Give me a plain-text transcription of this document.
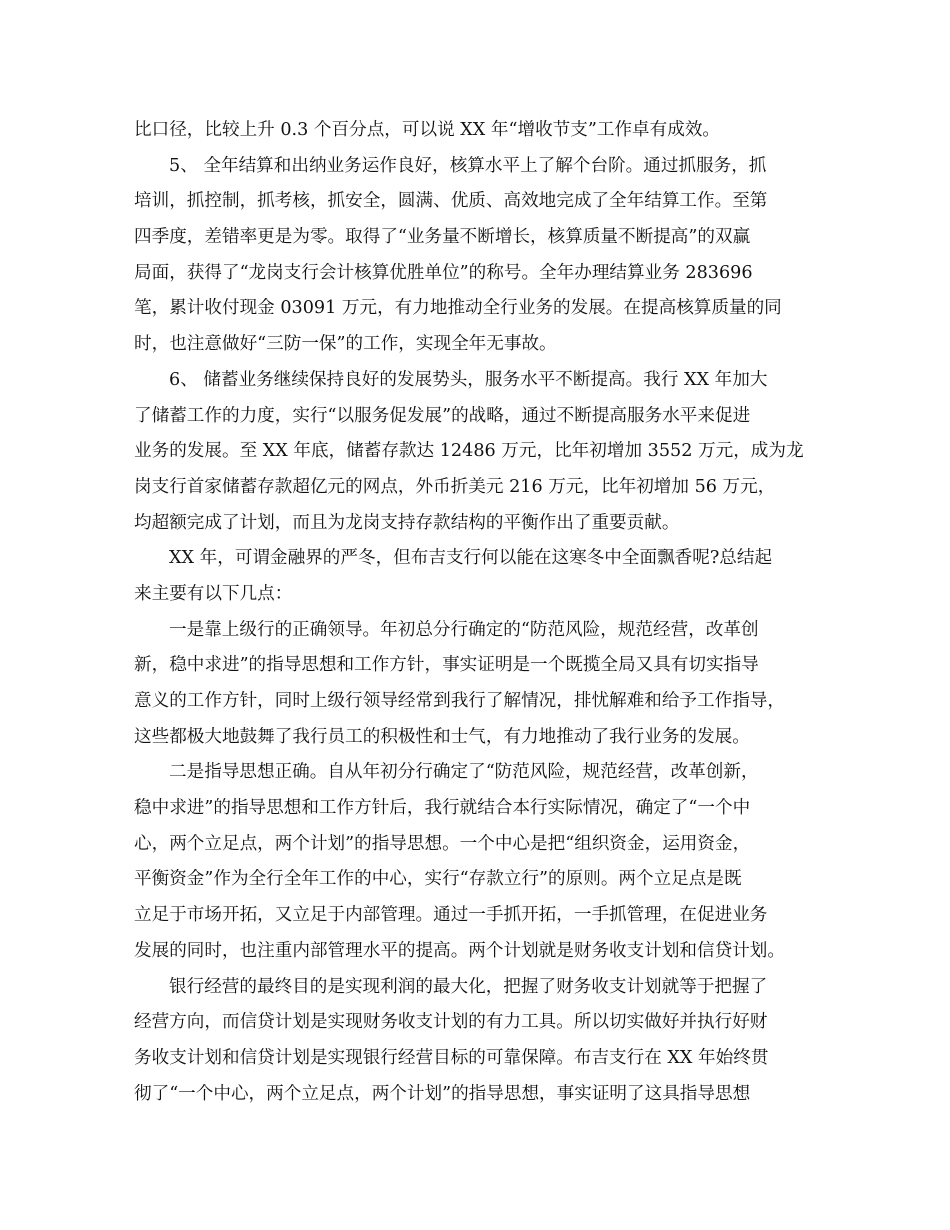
比口径，比较上升 0.3 个百分点，可以说 XX 年“增收节支”工作卓有成效。
5、 全年结算和出纳业务运作良好，核算水平上了解个台阶。通过抓服务，抓
培训，抓控制，抓考核，抓安全，圆满、优质、高效地完成了全年结算工作。至第
四季度，差错率更是为零。取得了“业务量不断增长，核算质量不断提高”的双赢
局面，获得了“龙岗支行会计核算优胜单位”的称号。全年办理结算业务 283696
笔，累计收付现金 03091 万元，有力地推动全行业务的发展。在提高核算质量的同
时，也注意做好“三防一保”的工作，实现全年无事故。
6、 储蓄业务继续保持良好的发展势头，服务水平不断提高。我行 XX 年加大
了储蓄工作的力度，实行“以服务促发展”的战略，通过不断提高服务水平来促进
业务的发展。至 XX 年底，储蓄存款达 12486 万元，比年初增加 3552 万元，成为龙
岗支行首家储蓄存款超亿元的网点，外币折美元 216 万元，比年初增加 56 万元，
均超额完成了计划，而且为龙岗支持存款结构的平衡作出了重要贡献。
XX 年，可谓金融界的严冬，但布吉支行何以能在这寒冬中全面飘香呢?总结起
来主要有以下几点：
一是靠上级行的正确领导。年初总分行确定的“防范风险，规范经营，改革创
新，稳中求进”的指导思想和工作方针，事实证明是一个既揽全局又具有切实指导
意义的工作方针，同时上级行领导经常到我行了解情况，排忧解难和给予工作指导，
这些都极大地鼓舞了我行员工的积极性和士气，有力地推动了我行业务的发展。
二是指导思想正确。自从年初分行确定了“防范风险，规范经营，改革创新，
稳中求进”的指导思想和工作方针后，我行就结合本行实际情况，确定了“一个中
心，两个立足点，两个计划”的指导思想。一个中心是把“组织资金，运用资金，
平衡资金”作为全行全年工作的中心，实行“存款立行”的原则。两个立足点是既
立足于市场开拓，又立足于内部管理。通过一手抓开拓，一手抓管理，在促进业务
发展的同时，也注重内部管理水平的提高。两个计划就是财务收支计划和信贷计划。
银行经营的最终目的是实现利润的最大化，把握了财务收支计划就等于把握了
经营方向，而信贷计划是实现财务收支计划的有力工具。所以切实做好并执行好财
务收支计划和信贷计划是实现银行经营目标的可靠保障。布吉支行在 XX 年始终贯
彻了“一个中心，两个立足点，两个计划”的指导思想，事实证明了这具指导思想
